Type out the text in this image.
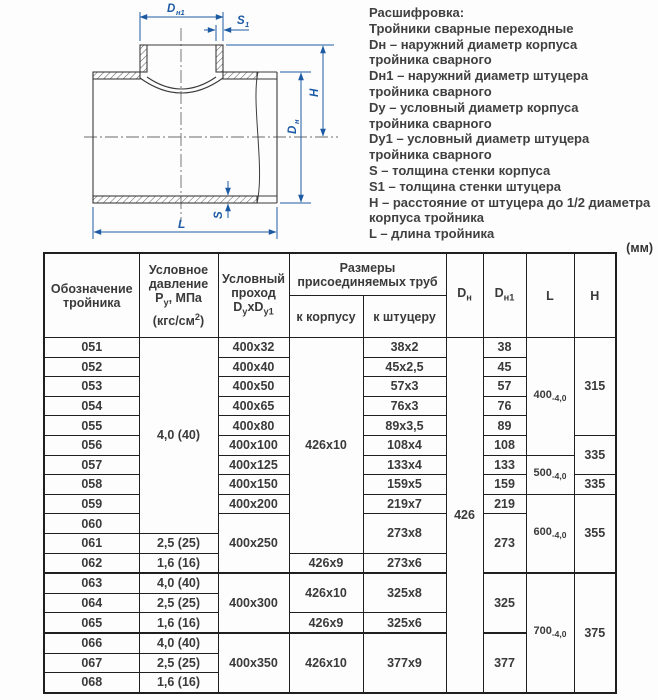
D н1
S 1
H
D
н
S
L
Расшифровка:
Тройники сварные переходные
Dн – наружний диаметр корпуса
тройника сварного
Dн1 – наружний диаметр штуцера
тройника сварного
Dу – условный диаметр корпуса
тройника сварного
Dу1 – условный диаметр штуцера
тройника сварного
S – толщина стенки корпуса
S1 – толщина стенки штуцера
H – расстояние от штуцера до 1/2 диаметра
корпуса тройника
L – длина тройника
(мм)
Обозначение тройника	Условное давление $P_у$, МПа $(кгс/см^2)$	Условный проход $D_уxD_{у1}$	Размеры присоединяемых труб		$D_н$	$D_{н1}$	L	H
			к корпусу	к штуцеру				
051	4,0 (40)	400x32	426x10	38x2	426	38	$400_{-4,0}$	315
052		400x40		45x2,5		45		
053		400x50		57x3		57		
054		400x65		76x3		76		
055		400x80		89x3,5		89		
056		400x100		108x4		108		335
057		400x125		133x4		133	$500_{-4,0}$
058		400x150		159x5		159		335
059		400x200		219x7		219	$600_{-4,0}$	355
060		400x250		273x8		273		
061	2,5 (25)							
062	1,6 (16)		426x9	273x6				
063	4,0 (40)	400x300	426x10	325x8		325	$700_{-4,0}$	375
064	2,5 (25)							
065	1,6 (16)		426x9	325x6				
066	4,0 (40)	400x350	426x10	377x9		377		
067	2,5 (25)							
068	1,6 (16)							
